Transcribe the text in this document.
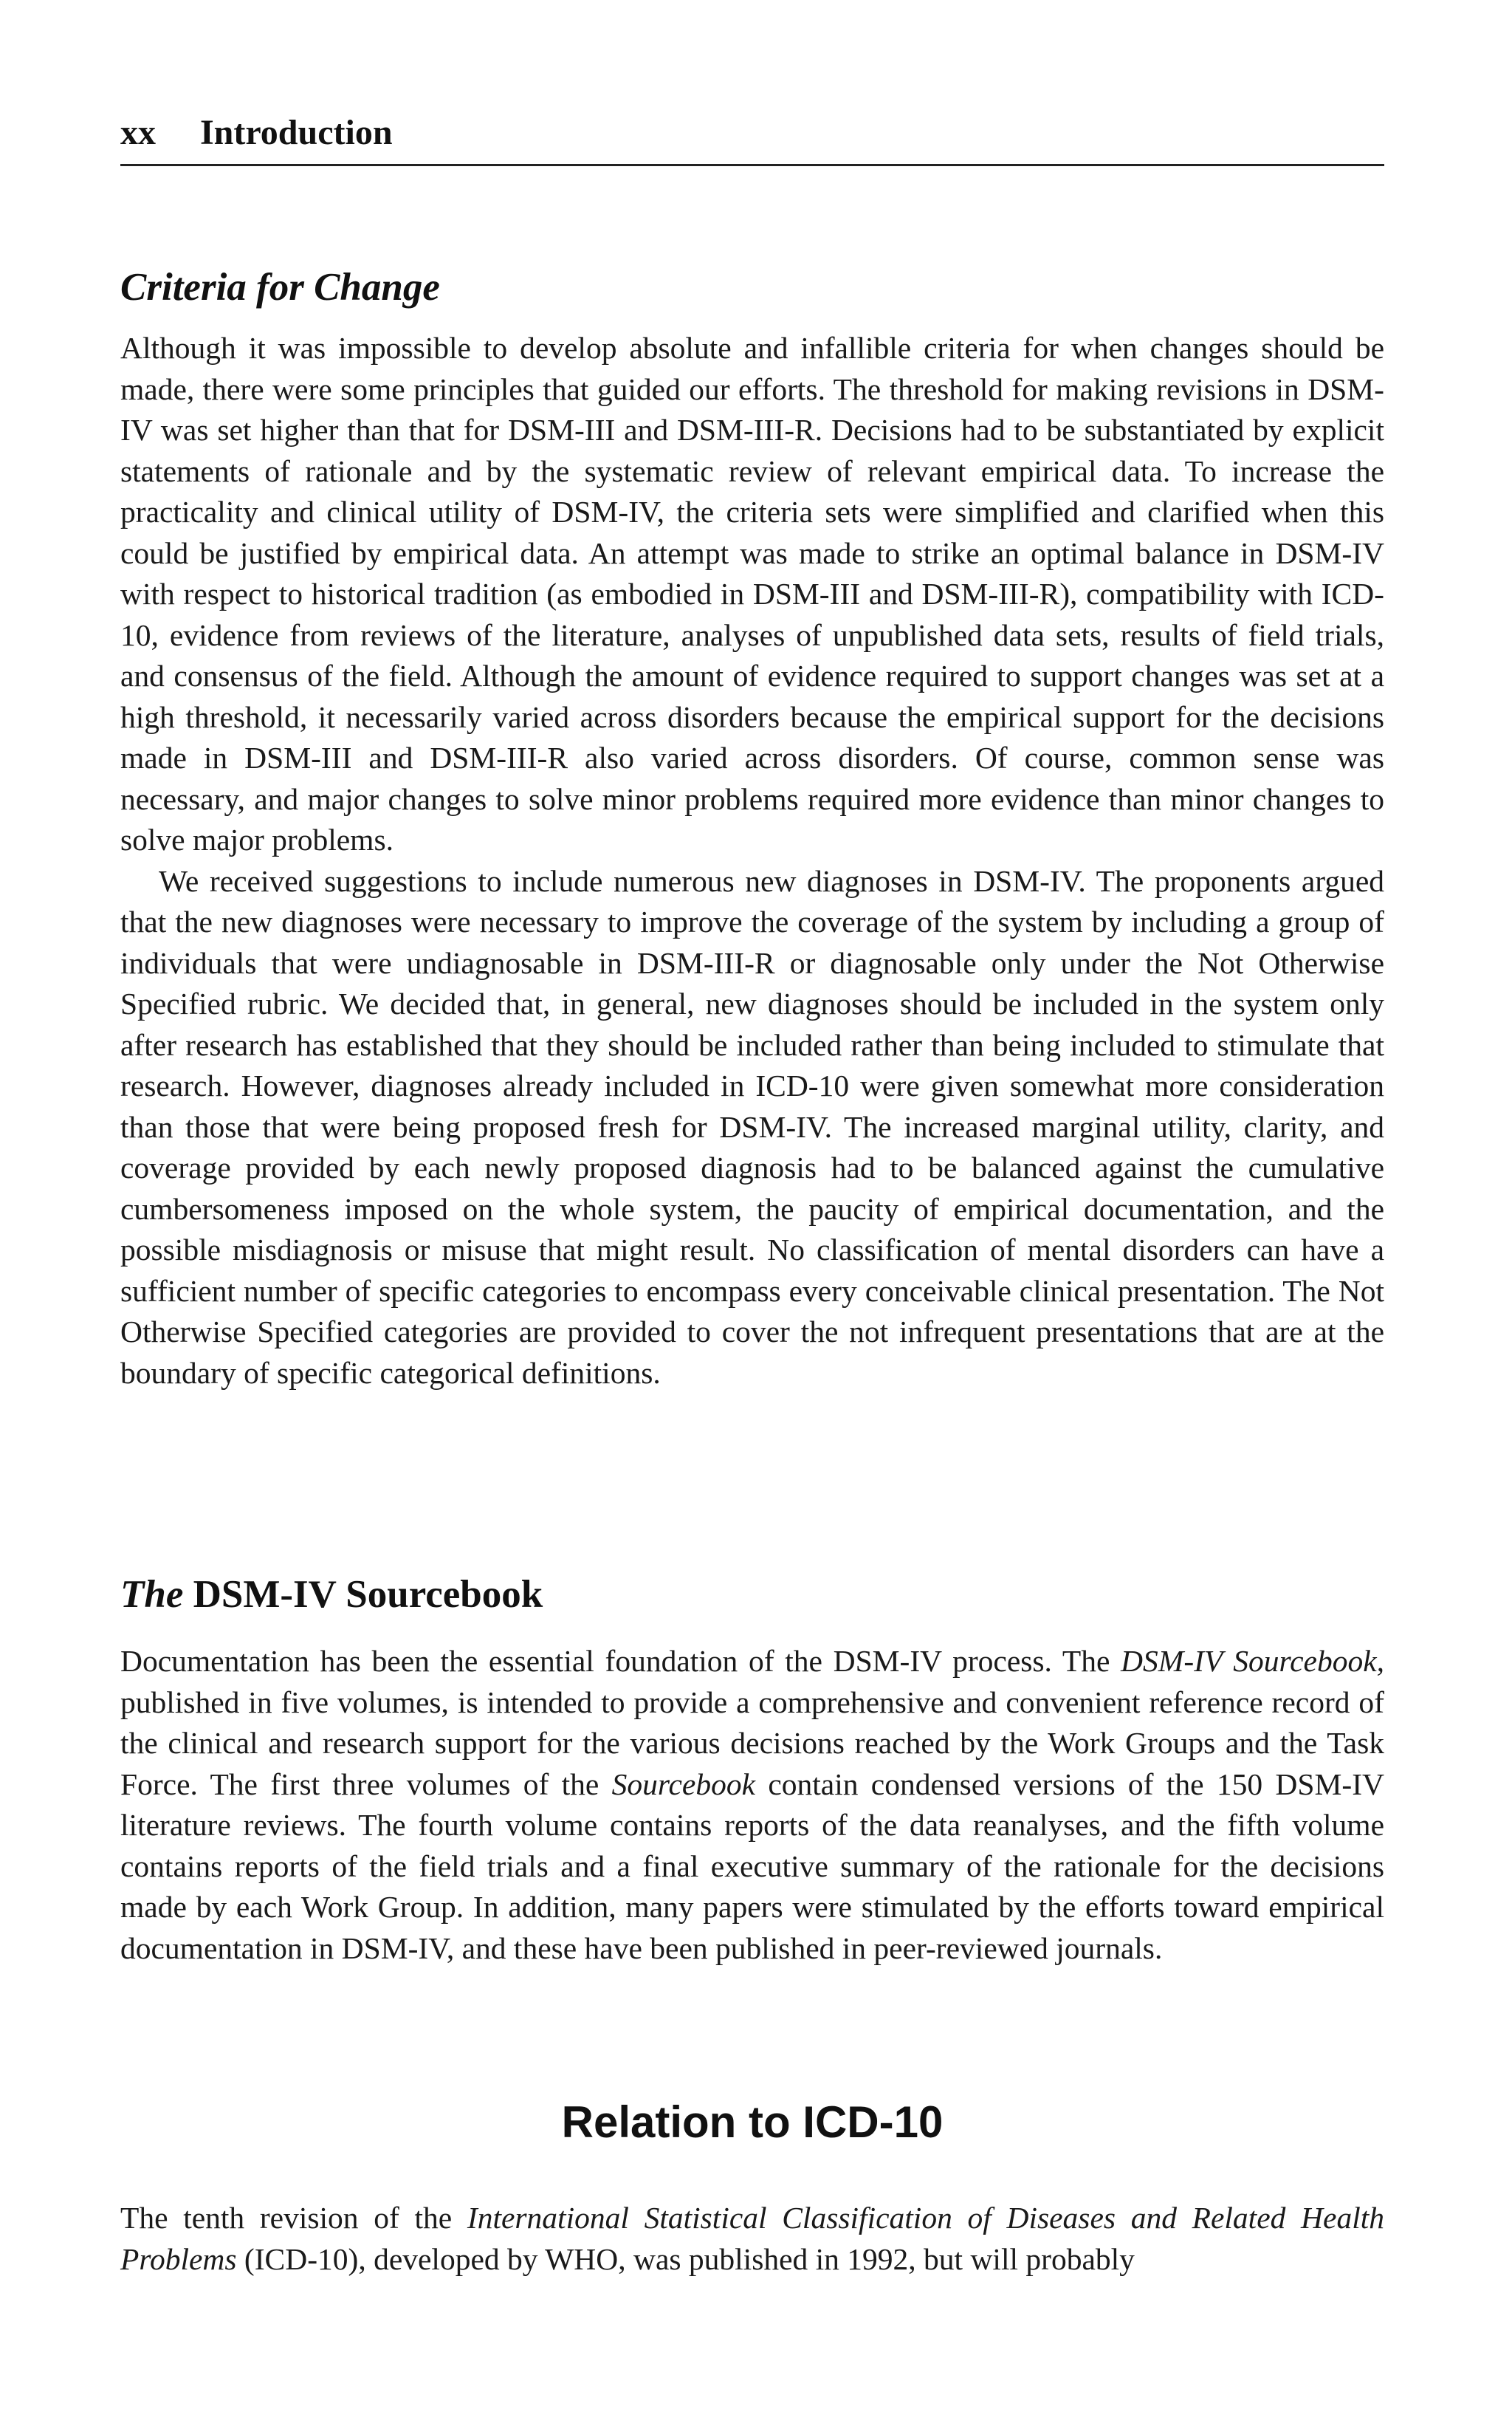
xx Introduction
Criteria for Change

Although it was impossible to develop absolute and infallible criteria for when changes should be made, there were some principles that guided our efforts. The threshold for making revisions in DSM-IV was set higher than that for DSM-III and DSM-III-R. Decisions had to be substantiated by explicit statements of rationale and by the systematic review of relevant empirical data. To increase the practicality and clinical utility of DSM-IV, the criteria sets were simplified and clarified when this could be justified by empirical data. An attempt was made to strike an optimal balance in DSM-IV with respect to historical tradition (as embodied in DSM-III and DSM-III-R), compatibility with ICD-10, evidence from reviews of the literature, analyses of unpublished data sets, results of field trials, and consensus of the field. Although the amount of evidence required to support changes was set at a high threshold, it necessarily varied across disorders because the empirical support for the decisions made in DSM-III and DSM-III-R also varied across disorders. Of course, common sense was necessary, and major changes to solve minor problems required more evidence than minor changes to solve major problems.

We received suggestions to include numerous new diagnoses in DSM-IV. The proponents argued that the new diagnoses were necessary to improve the coverage of the system by including a group of individuals that were undiagnosable in DSM-III-R or diagnosable only under the Not Otherwise Specified rubric. We decided that, in general, new diagnoses should be included in the system only after research has established that they should be included rather than being included to stimulate that research. However, diagnoses already included in ICD-10 were given somewhat more consideration than those that were being proposed fresh for DSM-IV. The increased marginal utility, clarity, and coverage provided by each newly proposed diagnosis had to be balanced against the cumulative cumbersomeness imposed on the whole system, the paucity of empirical documentation, and the possible misdiagnosis or misuse that might result. No classification of mental disorders can have a sufficient number of specific categories to encompass every conceivable clinical presentation. The Not Otherwise Specified categories are provided to cover the not infrequent presentations that are at the boundary of specific categorical definitions.

The DSM-IV Sourcebook

Documentation has been the essential foundation of the DSM-IV process. The DSM-IV Sourcebook, published in five volumes, is intended to provide a comprehensive and convenient reference record of the clinical and research support for the various decisions reached by the Work Groups and the Task Force. The first three volumes of the Sourcebook contain condensed versions of the 150 DSM-IV literature reviews. The fourth volume contains reports of the data reanalyses, and the fifth volume contains reports of the field trials and a final executive summary of the rationale for the decisions made by each Work Group. In addition, many papers were stimulated by the efforts toward empirical documentation in DSM-IV, and these have been published in peer-reviewed journals.

Relation to ICD-10

The tenth revision of the International Statistical Classification of Diseases and Related Health Problems (ICD-10), developed by WHO, was published in 1992, but will probably
